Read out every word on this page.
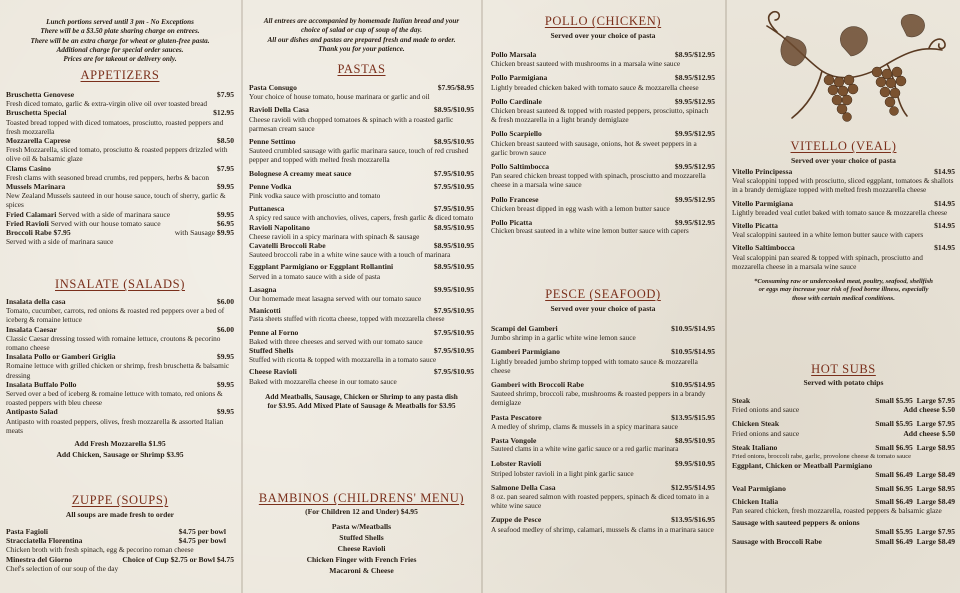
Lunch portions served until 3 pm - No Exceptions
There will be a $3.50 plate sharing charge on entrees.
There will be an extra charge for wheat or gluten-free pasta.
Additional charge for special order sauces.
Prices are for takeout or delivery only.
APPETIZERS
Bruschetta Genovese	$7.95
Fresh diced tomato, garlic & extra-virgin olive oil over toasted bread
Bruschetta Special	$12.95
Toasted bread topped with diced tomatoes, prosciutto, roasted peppers and fresh mozzarella
Mozzarella Caprese	$8.50
Fresh Mozzarella, sliced tomato, prosciutto & roasted peppers drizzled with olive oil & balsamic glaze
Clams Casino	$7.95
Fresh clams with seasoned bread crumbs, red peppers, herbs & bacon
Mussels Marinara	$9.95
New Zealand Mussels sauteed in our house sauce, touch of sherry, garlic & spices
Fried Calamari Served with a side of marinara sauce	$9.95
Fried Ravioli Served with our house tomato sauce	$6.95
Broccoli Rabe $7.95	with Sausage $9.95
Served with a side of marinara sauce
INSALATE (SALADS)
Insalata della casa	$6.00
Tomato, cucumber, carrots, red onions & roasted red peppers over a bed of iceberg & romaine lettuce
Insalata Caesar	$6.00
Classic Caesar dressing tossed with romaine lettuce, croutons & pecorino romano cheese
Insalata Pollo or Gamberi Griglia	$9.95
Romaine lettuce with grilled chicken or shrimp, fresh bruschetta & balsamic dressing
Insalata Buffalo Pollo	$9.95
Served over a bed of iceberg & romaine lettuce with tomato, red onions & roasted peppers with bleu cheese
Antipasto Salad	$9.95
Antipasto with roasted peppers, olives, fresh mozzarella & assorted Italian meats
Add Fresh Mozzarella $1.95
Add Chicken, Sausage or Shrimp $3.95
ZUPPE (SOUPS)
All soups are made fresh to order
Pasta Fagioli	$4.75 per bowl
Stracciatella Florentina	$4.75 per bowl
Chicken broth with fresh spinach, egg & pecorino roman cheese
Minestra del Giorno	Choice of Cup $2.75 or Bowl $4.75
Chef's selection of our soup of the day
All entrees are accompanied by homemade Italian bread and your
choice of salad or cup of soup of the day.
All our dishes and pastas are prepared fresh and made to order.
Thank you for your patience.
PASTAS
Pasta Consugo	$7.95/$8.95
Your choice of house tomato, house marinara or garlic and oil
Ravioli Della Casa	$8.95/$10.95
Cheese ravioli with chopped tomatoes & spinach with a roasted garlic parmesan cream sauce
Penne Settimo	$8.95/$10.95
Sauteed crumbled sausage with garlic marinara sauce, touch of red crushed pepper and topped with melted fresh mozzarella
Bolognese A creamy meat sauce	$7.95/$10.95
Penne Vodka	$7.95/$10.95
Pink vodka sauce with prosciutto and tomato
Puttanesca	$7.95/$10.95
A spicy red sauce with anchovies, olives, capers, fresh garlic & diced tomato
Ravioli Napolitano	$8.95/$10.95
Cheese ravioli in a spicy marinara with spinach & sausage
Cavatelli Broccoli Rabe	$8.95/$10.95
Sauteed broccoli rabe in a white wine sauce with a touch of marinara
Eggplant Parmigiano or Eggplant Rollantini	$8.95/$10.95
Served in a tomato sauce with a side of pasta
Lasagna	$9.95/$10.95
Our homemade meat lasagna served with our tomato sauce
Manicotti	$7.95/$10.95
Pasta sheets stuffed with ricotta cheese, topped with mozzarella cheese
Penne al Forno	$7.95/$10.95
Baked with three cheeses and served with our tomato sauce
Stuffed Shells	$7.95/$10.95
Stuffed with ricotta & topped with mozzarella in a tomato sauce
Cheese Ravioli	$7.95/$10.95
Baked with mozzarella cheese in our tomato sauce
Add Meatballs, Sausage, Chicken or Shrimp to any pasta dish
for $3.95. Add Mixed Plate of Sausage & Meatballs for $3.95
BAMBINOS (CHILDRENS' MENU)
(For Children 12 and Under) $4.95
Pasta w/Meatballs
Stuffed Shells
Cheese Ravioli
Chicken Finger with French Fries
Macaroni & Cheese
POLLO (CHICKEN)
Served over your choice of pasta
Pollo Marsala	$8.95/$12.95
Chicken breast sauteed with mushrooms in a marsala wine sauce
Pollo Parmigiana	$8.95/$12.95
Lightly breaded chicken baked with tomato sauce & mozzarella cheese
Pollo Cardinale	$9.95/$12.95
Chicken breast sauteed & topped with roasted peppers, prosciutto, spinach & fresh mozzarella in a light brandy demiglaze
Pollo Scarpiello	$9.95/$12.95
Chicken breast sauteed with sausage, onions, hot & sweet peppers in a garlic brown sauce
Pollo Saltimbocca	$9.95/$12.95
Pan seared chicken breast topped with spinach, prosciutto and mozzarella cheese in a marsala wine sauce
Pollo Francese	$9.95/$12.95
Chicken breast dipped in egg wash with a lemon butter sauce
Pollo Picatta	$9.95/$12.95
Chicken breast sauteed in a white wine lemon butter sauce with capers
PESCE (SEAFOOD)
Served over your choice of pasta
Scampi del Gamberi	$10.95/$14.95
Jumbo shrimp in a garlic white wine lemon sauce
Gamberi Parmigiano	$10.95/$14.95
Lightly breaded jumbo shrimp topped with tomato sauce & mozzarella cheese
Gamberi with Broccoli Rabe	$10.95/$14.95
Sauteed shrimp, broccoli rabe, mushrooms & roasted peppers in a brandy demiglaze
Pasta Pescatore	$13.95/$15.95
A medley of shrimp, clams & mussels in a spicy marinara sauce
Pasta Vongole	$8.95/$10.95
Sauteed clams in a white wine garlic sauce or a red garlic marinara
Lobster Ravioli	$9.95/$10.95
Striped lobster ravioli in a light pink garlic sauce
Salmone Della Casa	$12.95/$14.95
8 oz. pan seared salmon with roasted peppers, spinach & diced tomato in a white wine sauce
Zuppe de Pesce	$13.95/$16.95
A seafood medley of shrimp, calamari, mussels & clams in a marinara sauce
VITELLO (VEAL)
Served over your choice of pasta
Vitello Principessa	$14.95
Veal scaloppini topped with prosciutto, sliced eggplant, tomatoes & shallots in a brandy demiglaze topped with melted fresh mozzarella cheese
Vitello Parmigiana	$14.95
Lightly breaded veal cutlet baked with tomato sauce & mozzarella cheese
Vitello Picatta	$14.95
Veal scaloppini sauteed in a white lemon butter sauce with capers
Vitello Saltimbocca	$14.95
Veal scaloppini pan seared & topped with spinach, prosciutto and mozzarella cheese in a marsala wine sauce
*Consuming raw or undercooked meat, poultry, seafood, shellfish
or eggs may increase your risk of food borne illness, especially
those with certain medical conditions.
HOT SUBS
Served with potato chips
Steak	Small $5.95 Large $7.95
Fried onions and sauce	Add cheese $.50
Chicken Steak	Small $5.95 Large $7.95
Fried onions and sauce	Add cheese $.50
Steak Italiano	Small $6.95 Large $8.95
Fried onions, broccoli rabe, garlic, provolone cheese & tomato sauce
Eggplant, Chicken or Meatball Parmigiano
Small $6.49 Large $8.49
Veal Parmigiano	Small $6.95 Large $8.95
Chicken Italia	Small $6.49 Large $8.49
Pan seared chicken, fresh mozzarella, roasted peppers & balsamic glaze
Sausage with sauteed peppers & onions
Small $5.95 Large $7.95
Sausage with Broccoli Rabe	Small $6.49 Large $8.49
